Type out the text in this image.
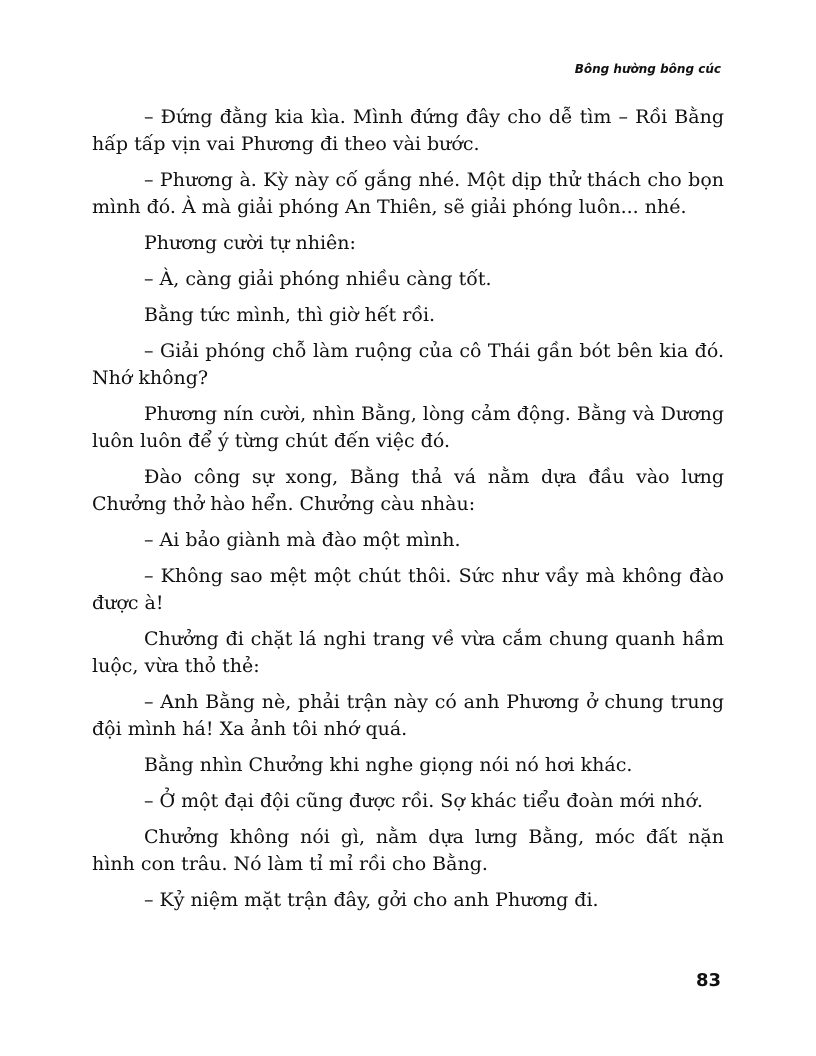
Bông hường bông cúc

– Đứng đằng kia kìa. Mình đứng đây cho dễ tìm – Rồi Bằng hấp tấp vịn vai Phương đi theo vài bước.

– Phương à. Kỳ này cố gắng nhé. Một dịp thử thách cho bọn mình đó. À mà giải phóng An Thiên, sẽ giải phóng luôn... nhé.

Phương cười tự nhiên:

– À, càng giải phóng nhiều càng tốt.

Bằng tức mình, thì giờ hết rồi.

– Giải phóng chỗ làm ruộng của cô Thái gần bót bên kia đó. Nhớ không?

Phương nín cười, nhìn Bằng, lòng cảm động. Bằng và Dương luôn luôn để ý từng chút đến việc đó.

Đào công sự xong, Bằng thả vá nằm dựa đầu vào lưng Chưởng thở hào hển. Chưởng càu nhàu:

– Ai bảo giành mà đào một mình.

– Không sao mệt một chút thôi. Sức như vầy mà không đào được à!

Chưởng đi chặt lá nghi trang về vừa cắm chung quanh hầm luộc, vừa thỏ thẻ:

– Anh Bằng nè, phải trận này có anh Phương ở chung trung đội mình há! Xa ảnh tôi nhớ quá.

Bằng nhìn Chưởng khi nghe giọng nói nó hơi khác.

– Ở một đại đội cũng được rồi. Sợ khác tiểu đoàn mới nhớ.

Chưởng không nói gì, nằm dựa lưng Bằng, móc đất nặn hình con trâu. Nó làm tỉ mỉ rồi cho Bằng.

– Kỷ niệm mặt trận đây, gởi cho anh Phương đi.

83
